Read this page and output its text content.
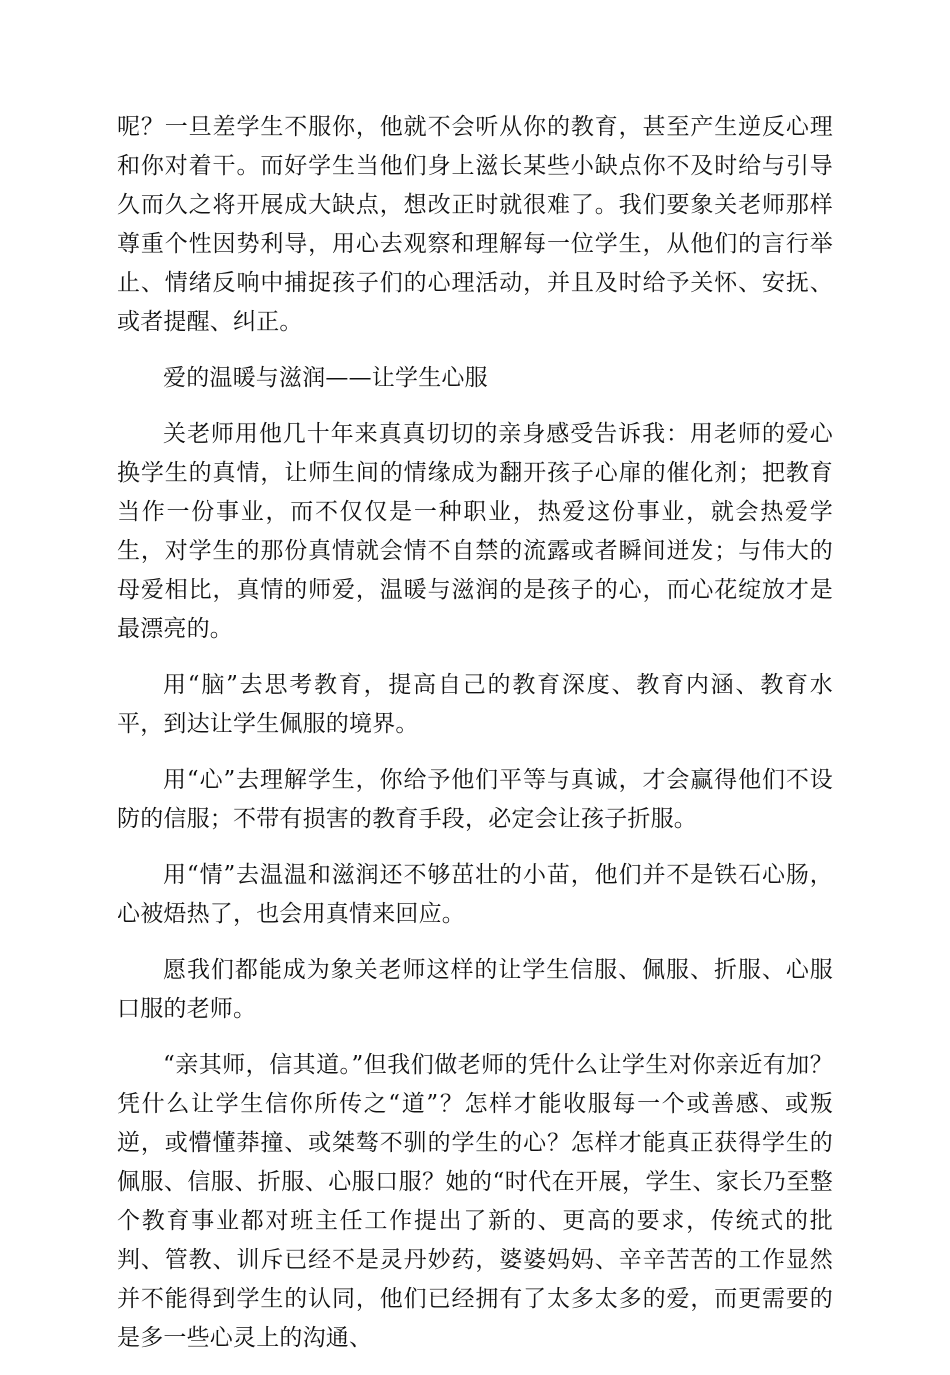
呢？一旦差学生不服你，他就不会听从你的教育，甚至产生逆反心理和你对着干。而好学生当他们身上滋长某些小缺点你不及时给与引导久而久之将开展成大缺点，想改正时就很难了。我们要象关老师那样尊重个性因势利导，用心去观察和理解每一位学生，从他们的言行举止、情绪反响中捕捉孩子们的心理活动，并且及时给予关怀、安抚、或者提醒、纠正。

爱的温暖与滋润——让学生心服

关老师用他几十年来真真切切的亲身感受告诉我：用老师的爱心换学生的真情，让师生间的情缘成为翻开孩子心扉的催化剂；把教育当作一份事业，而不仅仅是一种职业，热爱这份事业，就会热爱学生，对学生的那份真情就会情不自禁的流露或者瞬间迸发；与伟大的母爱相比，真情的师爱，温暖与滋润的是孩子的心，而心花绽放才是最漂亮的。

用“脑”去思考教育，提高自己的教育深度、教育内涵、教育水平，到达让学生佩服的境界。

用“心”去理解学生，你给予他们平等与真诚，才会赢得他们不设防的信服；不带有损害的教育手段，必定会让孩子折服。

用“情”去温温和滋润还不够茁壮的小苗，他们并不是铁石心肠，心被焐热了，也会用真情来回应。

愿我们都能成为象关老师这样的让学生信服、佩服、折服、心服口服的老师。

“亲其师，信其道。”但我们做老师的凭什么让学生对你亲近有加？凭什么让学生信你所传之“道”？怎样才能收服每一个或善感、或叛逆，或懵懂莽撞、或桀骜不驯的学生的心？怎样才能真正获得学生的佩服、信服、折服、心服口服？她的“时代在开展，学生、家长乃至整个教育事业都对班主任工作提出了新的、更高的要求，传统式的批判、管教、训斥已经不是灵丹妙药，婆婆妈妈、辛辛苦苦的工作显然并不能得到学生的认同，他们已经拥有了太多太多的爱，而更需要的是多一些心灵上的沟通、
